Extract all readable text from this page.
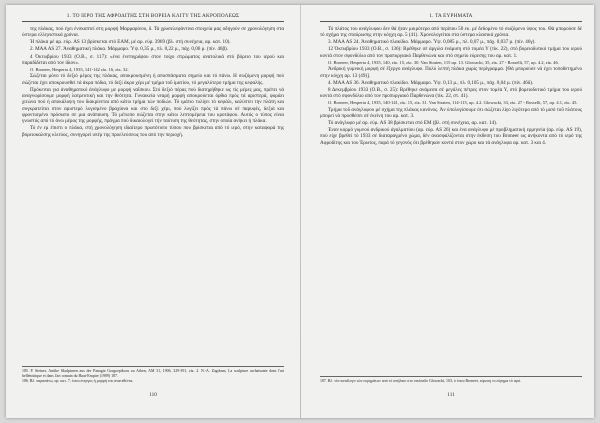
1. ΤΟ ΙΕΡΟ ΤΗΣ ΑΦΡΟΔΙΤΗΣ ΣΤΗ ΒΟΡΕΙΑ ΚΛΙΤΥ ΤΗΣ ΑΚΡΟΠΟΛΕΩΣ

της πλάκας, πού έχει ένσκαπτεί στη μορφή Μαρμαρίνου, δ. Τά χρυσελεφάντινα στοιχεία μας οδηγούν σε χρονολόγηση στα ύστερα ελληνιστικά χρόνια.

Ή πλάκα μέ αρ. εύρ. AS 13 βρίσκεται στό ΕΑΜ, μέ αρ. εύρ. 3969 (βλ. στή συνέχεια, αρ. κατ. 10).

2. MAA AS 27. Ἀναθηματική πλάκα. Μάρμαρο. Ύψ. 0,35 μ., πλ. 0,22 μ., πάχ. 0,06 μ. (πίν. 46β).

4 Όκτωβρίου 1933 (O.B., σ. 117): «ένα ένεπιγράφου στον τοίχο στρώματος ανατολικά στό βόρειο του ιερού και παραδίδεται από τον ίδιον».

Ο. Broneer, Hesperia 4, 1935, 141-142 εἰκ. 16, εἰκ. 32.

Σώζεται μόνο τό δεξιό μέρος της πλάκας, αποκρουσμένη ή αποσπάσματα σημείο και τό πάνω. Η σωζόμενη μορφή πού σώζεται έχει αποκρουσθεί τά άκρα πόδια, τό δεξί άκρο χέρι μέ τμήμα τοῦ ίματίου, τό μεγαλύτερο τμήμα της κεφαλής.

Πρόκειται για ἀναθηματικό ἀνάγλυφο με μορφή ναΐσκου. Στό δεξιό πέρας πού διατηρήθηκε ως τίς μέρες μας, πρέπει νά αναγνωρίσουμε μορφή λατρευτική και την θεότητα. Γυναικεία νεαρή μορφή αποκρούεται όρθια πρός τά αριστερά, φοράει χιτώνα πού ή αποκάλυψη του διακρίνεται από κάτω τμήμα τών ποδιών. Τό ιμάτιο τυλίγει τό κεφάλι, καλύπτει την πλάτη και συγκρατείται στον αριστερό λυγισμένο βραχίονα και στο δεξί χέρι, πού λυγίζει πρός τά πάνω σέ παρυφές, δεξιά και φροντισμένο πρόσωπο σε μια ανάπαυση. Τό μέτωπο σώζεται στην κάτω λεπτομέρεια του κροτάφου. Αυτός ο τύπος είναι γνωστός από τό άνω μέρος της μορφής, πράγμα πού δικαιολογεί τήν ταύτιση της θεότητας, στην οποία ανήκει ή πλάκα.

Τό έν εμ έπιστι ο πλάκα, στή χρονολόγηση ιδιαίτερο πρωτότυπο τύπου που βρίσκεται από τό ιερό, στην καταφορά της βορειοκαλσης κλιτύος, συνηγορεί υπέρ της προελεύσεως του από την περιοχή.

185. P. Steiner, Antike Skulpturen aus der Panagia Gorgoepikoos zu Athen, AM 31, 1906, 329-391, εἰκ. 2. Ν.-Α. Zagdoun, La sculpture archaïsante dans l'art hellénistique et dans l'art romain du Haut-Empire (1989) 187.

186. Βλ. παραπάνω, αρ. κατ. 7, όπου ένεργος ή μορφή του ανατεθέντα.

110
1. ΤΑ ΕΥΡΗΜΑΤΑ

Τό πλάτος του ανάγλυφου δεν θά ήταν μικρότερο από περίπου 50 εκ. μέ δεδομένο τό σωζόμενο ύψος του. Θά μπορούσε δέ τό σχήμα της σταύρωσης στην κόγχη αρ. 5 (41). Χρονολογείται στα ύστερα κλασικά χρόνια.

3. MAA AS 24. Ἀναθηματικό πλακίδιο. Μάρμαρο. Ύψ. 0,085 μ., πλ. 0,07 μ., πάχ. 0,037 μ. (πίν. 46γ).

12 Όκτωβρίου 1933 (O.B., σ. 136): Βρέθηκε σέ άργιλα ένάμιση στό τομέα Υ (τίκ. 22), στό βορειοδυτικό τμήμα του ιερού κοντά στον σφονδύλιο από τον προπυργιακό Παρθενώνα και στό σημείο εύρεσης του αρ. κατ. 1.

Ο. Broneer, Hesperia 4, 1935, 140, εἰκ. 15, εἰκ. 30. Van Straten, 115 αρ. 13. Glowacki, 35, εἰκ. 27 - Rosselli, 57, αρ. 4.2, εἰκ. 46.

Ἀνδρική γυμνική μορφή σέ ἔξεργο ανάγλυφο. Πολύ λεπτή πλάκα χωρίς περίγραμμα. [Θά μπορούσε νά έχει τοποθετημένο στην κόγχη αρ. 13 (49)].

4. MAA AS 36. Ἀναθηματικό πλακίδιο. Μάρμαρο. Ύψ. 0,13 μ., πλ. 0,105 μ., πάχ. 0,04 μ. (πίν. 46δ).

8 Δεκεμβρίου 1933 (O.B., σ. 25): Βρέθηκε ανάμεσα σέ μεγάλες πέτρες στον τομέα Υ, στό βορειοδυτικό τμήμα του ιερού κοντά στό σφονδύλιο από τον προπυργιακό Παρθενώνα (τίκ. 22, στ. 41).

Ο. Broneer, Hesperia 4, 1935, 140-141, εἰκ. 15, εἰκ. 31. Van Straten, 114-115, αρ. 4.2. Glowacki, 33, εἰκ. 27 - Rosselli, 57, αρ. 4.1, εἰκ. 45.

Τμήμα τοῦ ανάγλυφου μέ σχήμα της πλάκας κανόνος. Ἀν ύπολογίσουμε ότι σώζεται λίγο λιγότερο από τό μισό τοῦ πλάτους μπορεί νά προσθέσει σέ έκείνη του αρ. κατ. 3.

Τό ανάγλυφο μέ αρ. εύρ. AS 38 βρίσκεται στό ΕΜ (βλ. στή συνέχεια, αρ. κατ. 14).

Έναν κορμό γυμνού ανδρικού άγαλματίου (αρ. εύρ. AS 26) και ένα ανάγλυφο μέ προβληματική ερμηνεία (αρ. εύρ. AS 19), πού είχε βρεθεί τό 1933 σέ διαταραγμένο χώμα, δέν ανασφαλίζονται στην έκθεση του Broneer ως ανήκοντα από τό ιερό της Αφροδίτης και του Έρωτος, παρά τό γεγονός ότι βρέθηκαν κοντά στον χώρο και τά ανάγλυφα αρ. κατ. 3 και 4.

187. Βλ. τόν κατάλογο τών ευρημάτων από τό σπήλαιο στο οικόπεδο Glowacki, 103, ό όπου Broneer, εύρεση το εύρημα τό ιερό.

111
